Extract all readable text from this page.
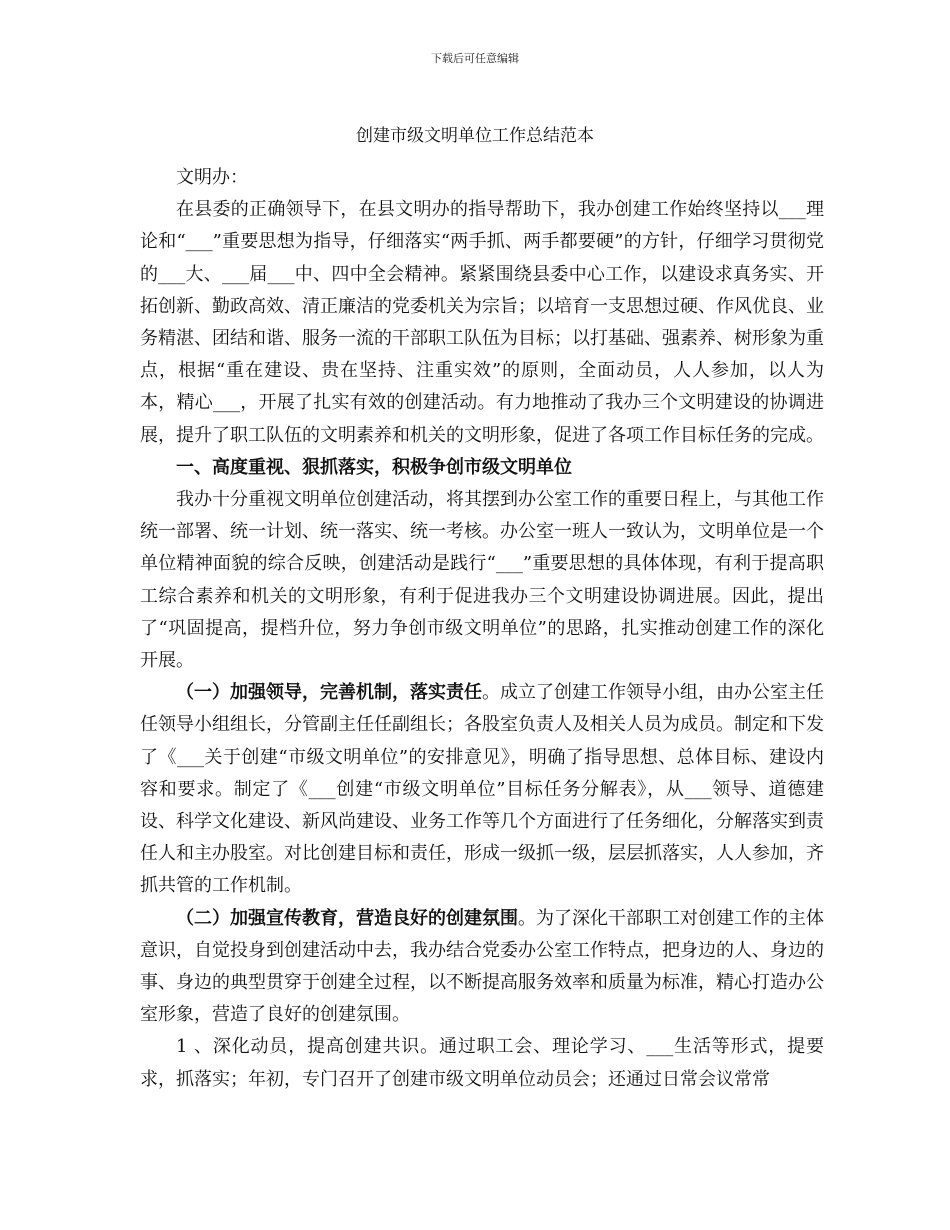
下载后可任意编辑
创建市级文明单位工作总结范本

文明办：

在县委的正确领导下，在县文明办的指导帮助下，我办创建工作始终坚持以___理论和“___”重要思想为指导，仔细落实“两手抓、两手都要硬”的方针，仔细学习贯彻党的___大、___届___中、四中全会精神。紧紧围绕县委中心工作，以建设求真务实、开拓创新、勤政高效、清正廉洁的党委机关为宗旨；以培育一支思想过硬、作风优良、业务精湛、团结和谐、服务一流的干部职工队伍为目标；以打基础、强素养、树形象为重点，根据“重在建设、贵在坚持、注重实效”的原则，全面动员，人人参加，以人为本，精心___，开展了扎实有效的创建活动。有力地推动了我办三个文明建设的协调进展，提升了职工队伍的文明素养和机关的文明形象，促进了各项工作目标任务的完成。

一、高度重视、狠抓落实，积极争创市级文明单位

我办十分重视文明单位创建活动，将其摆到办公室工作的重要日程上，与其他工作统一部署、统一计划、统一落实、统一考核。办公室一班人一致认为，文明单位是一个单位精神面貌的综合反映，创建活动是践行“___”重要思想的具体体现，有利于提高职工综合素养和机关的文明形象，有利于促进我办三个文明建设协调进展。因此，提出了“巩固提高，提档升位，努力争创市级文明单位”的思路，扎实推动创建工作的深化开展。

（一）加强领导，完善机制，落实责任。成立了创建工作领导小组，由办公室主任任领导小组组长，分管副主任任副组长；各股室负责人及相关人员为成员。制定和下发了《___关于创建“市级文明单位”的安排意见》，明确了指导思想、总体目标、建设内容和要求。制定了《___创建“市级文明单位”目标任务分解表》，从___领导、道德建设、科学文化建设、新风尚建设、业务工作等几个方面进行了任务细化，分解落实到责任人和主办股室。对比创建目标和责任，形成一级抓一级，层层抓落实，人人参加，齐抓共管的工作机制。

（二）加强宣传教育，营造良好的创建氛围。为了深化干部职工对创建工作的主体意识，自觉投身到创建活动中去，我办结合党委办公室工作特点，把身边的人、身边的事、身边的典型贯穿于创建全过程，以不断提高服务效率和质量为标准，精心打造办公室形象，营造了良好的创建氛围。

1 、深化动员，提高创建共识。通过职工会、理论学习、___生活等形式，提要求，抓落实；年初，专门召开了创建市级文明单位动员会；还通过日常会议常常
